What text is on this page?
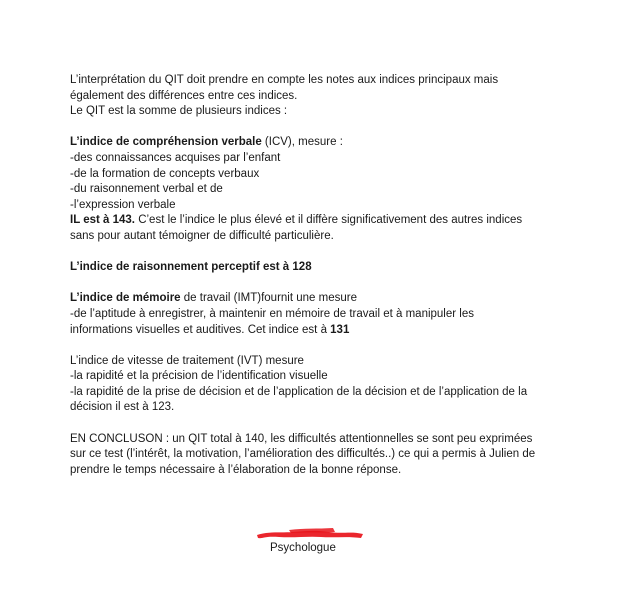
L’interprétation du QIT doit prendre en compte les notes aux indices principaux mais
également des différences entre ces indices.
Le QIT est la somme de plusieurs indices :
L’indice de compréhension verbale (ICV), mesure :
-des connaissances acquises par l’enfant
-de la formation de concepts verbaux
-du raisonnement verbal et de
-l’expression verbale
IL est à 143. C’est le l’indice le plus élevé et il diffère significativement des autres indices
sans pour autant témoigner de difficulté particulière.
L’indice de raisonnement perceptif est à 128
L’indice de mémoire de travail (IMT)fournit une mesure
-de l’aptitude à enregistrer, à maintenir en mémoire de travail et à manipuler les
informations visuelles et auditives. Cet indice est à 131
L’indice de vitesse de traitement (IVT) mesure
-la rapidité et la précision de l’identification visuelle
-la rapidité de la prise de décision et de l’application de la décision et de l’application de la
décision il est à 123.
EN CONCLUSON : un QIT total à 140, les difficultés attentionnelles se sont peu exprimées
sur ce test (l’intérêt, la motivation, l’amélioration des difficultés..) ce qui a permis à Julien de
prendre le temps nécessaire à l’élaboration de la bonne réponse.
Psychologue
